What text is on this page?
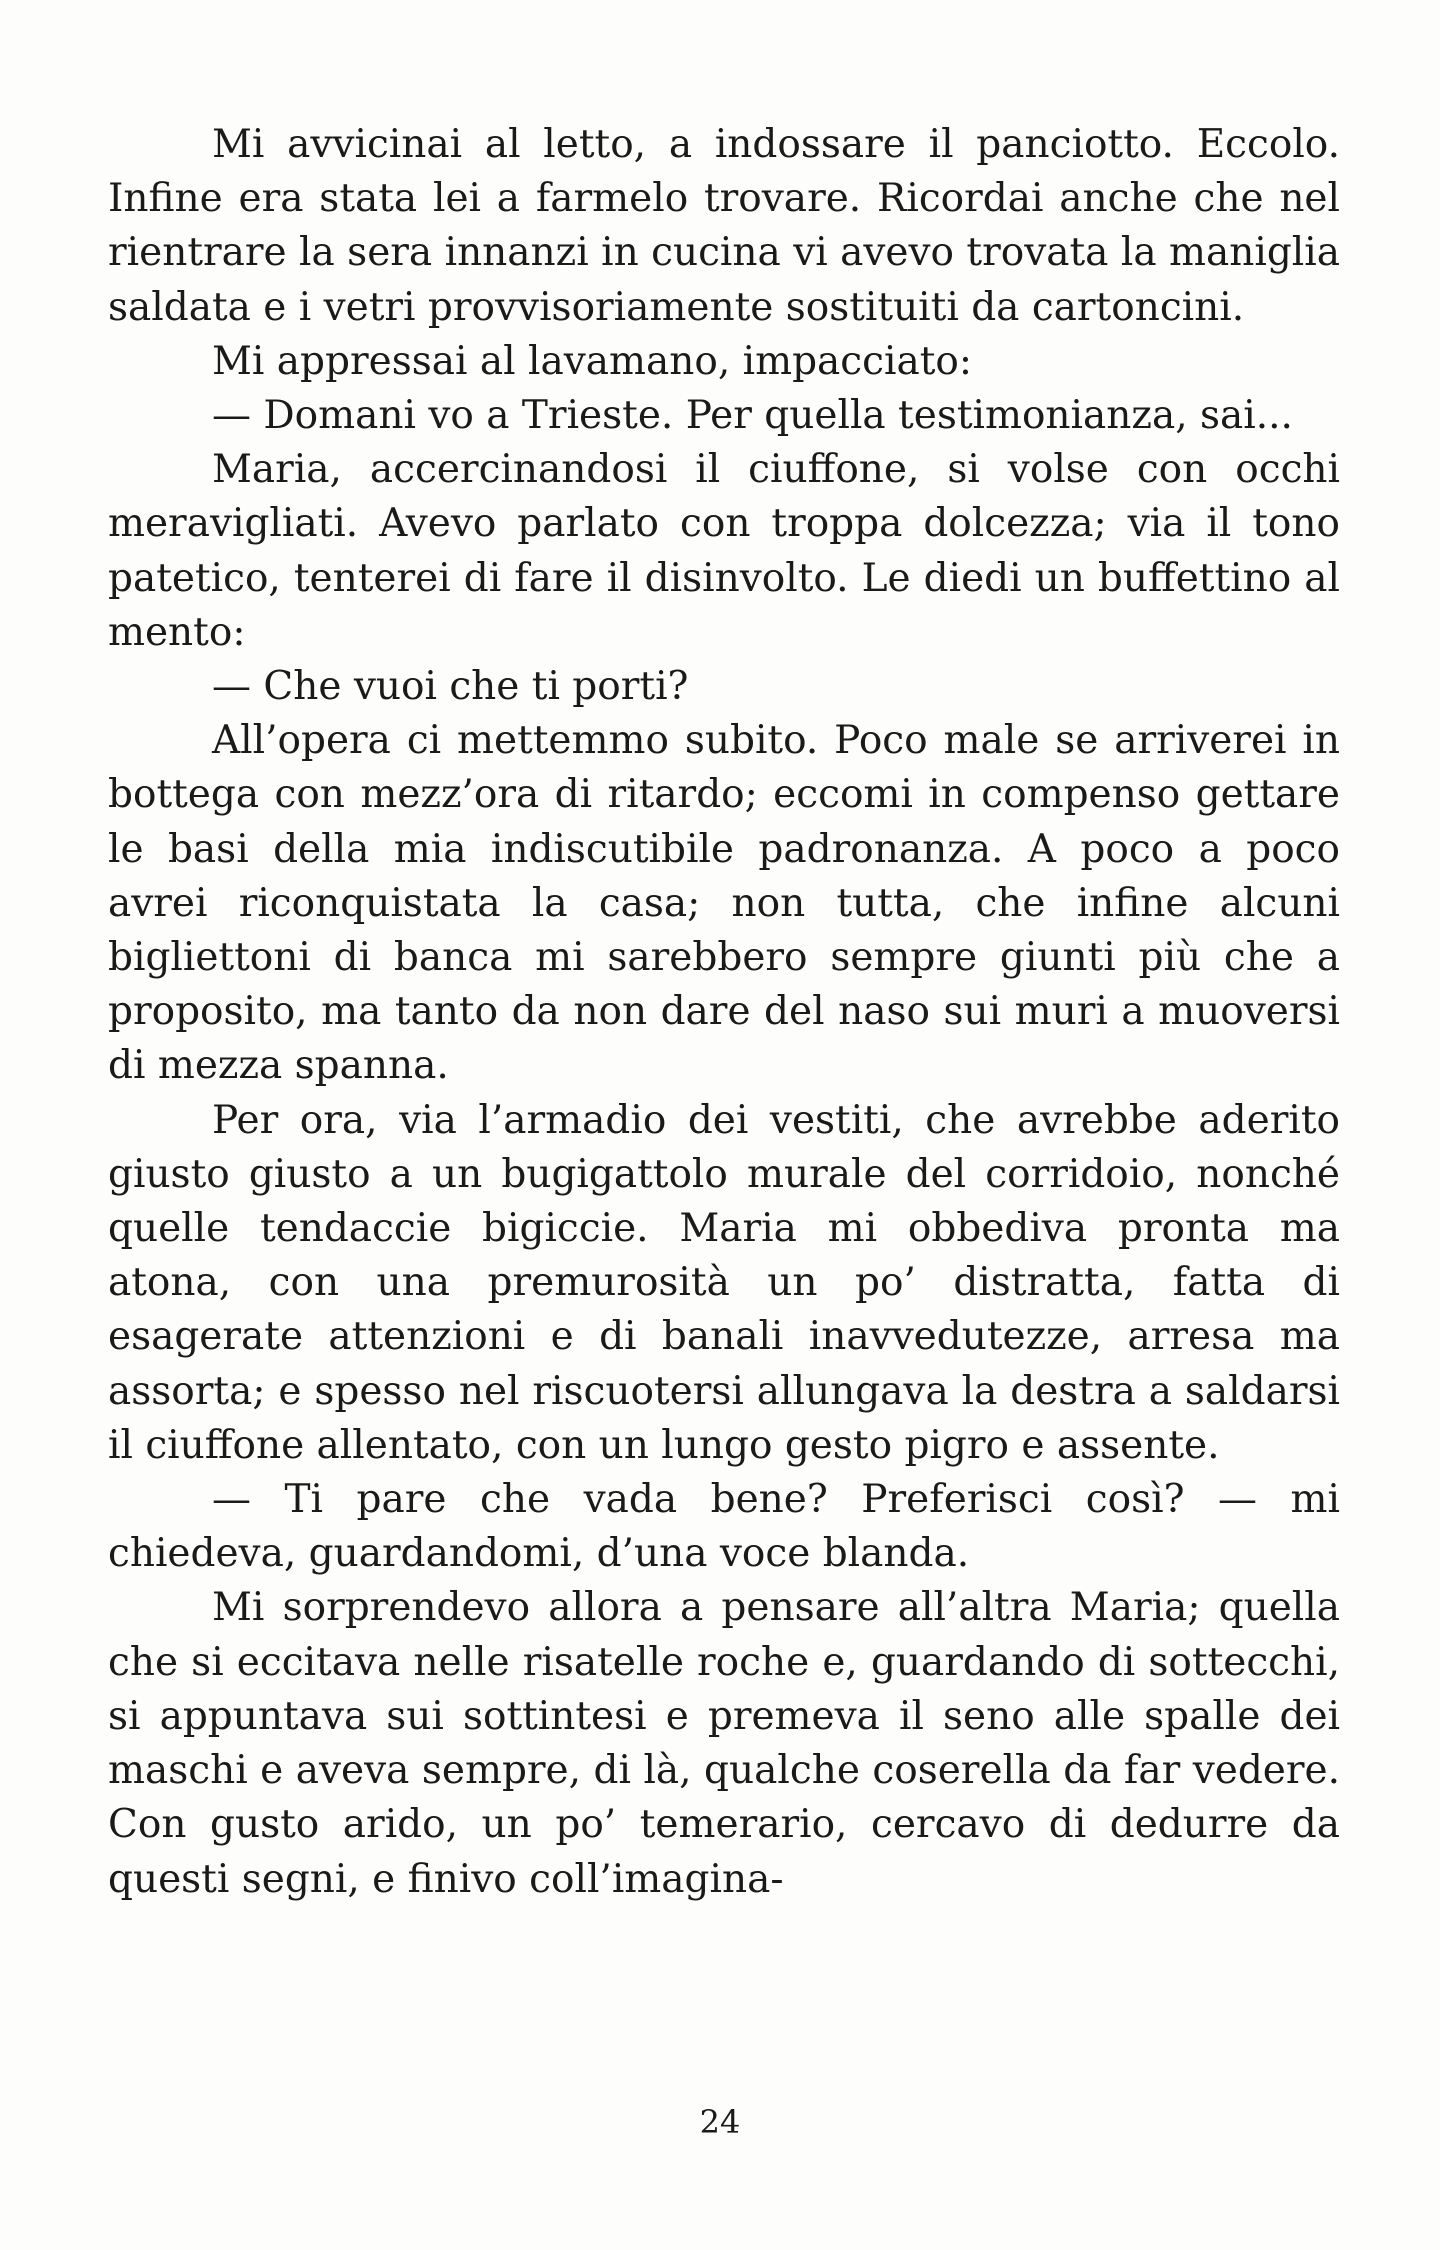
Mi avvicinai al letto, a indossare il panciotto. Eccolo. Infine era stata lei a farmelo trovare. Ricordai anche che nel rientrare la sera innanzi in cucina vi avevo trovata la maniglia saldata e i vetri provvisoriamente sostituiti da cartoncini.

Mi appressai al lavamano, impacciato:

— Domani vo a Trieste. Per quella testimonianza, sai...

Maria, accercinandosi il ciuffone, si volse con occhi meravigliati. Avevo parlato con troppa dolcezza; via il tono patetico, tenterei di fare il disinvolto. Le diedi un buffettino al mento:

— Che vuoi che ti porti?

All’opera ci mettemmo subito. Poco male se arriverei in bottega con mezz’ora di ritardo; eccomi in compenso gettare le basi della mia indiscutibile padronanza. A poco a poco avrei riconquistata la casa; non tutta, che infine alcuni bigliettoni di banca mi sarebbero sempre giunti più che a proposito, ma tanto da non dare del naso sui muri a muoversi di mezza spanna.

Per ora, via l’armadio dei vestiti, che avrebbe aderito giusto giusto a un bugigattolo murale del corridoio, nonché quelle tendaccie bigiccie. Maria mi obbediva pronta ma atona, con una premurosità un po’ distratta, fatta di esagerate attenzioni e di banali inavvedutezze, arresa ma assorta; e spesso nel riscuotersi allungava la destra a saldarsi il ciuffone allentato, con un lungo gesto pigro e assente.

— Ti pare che vada bene? Preferisci così? — mi chiedeva, guardandomi, d’una voce blanda.

Mi sorprendevo allora a pensare all’altra Maria; quella che si eccitava nelle risatelle roche e, guardando di sottecchi, si appuntava sui sottintesi e premeva il seno alle spalle dei maschi e aveva sempre, di là, qualche coserella da far vedere. Con gusto arido, un po’ temerario, cercavo di dedurre da questi segni, e finivo coll’imagina-

24
